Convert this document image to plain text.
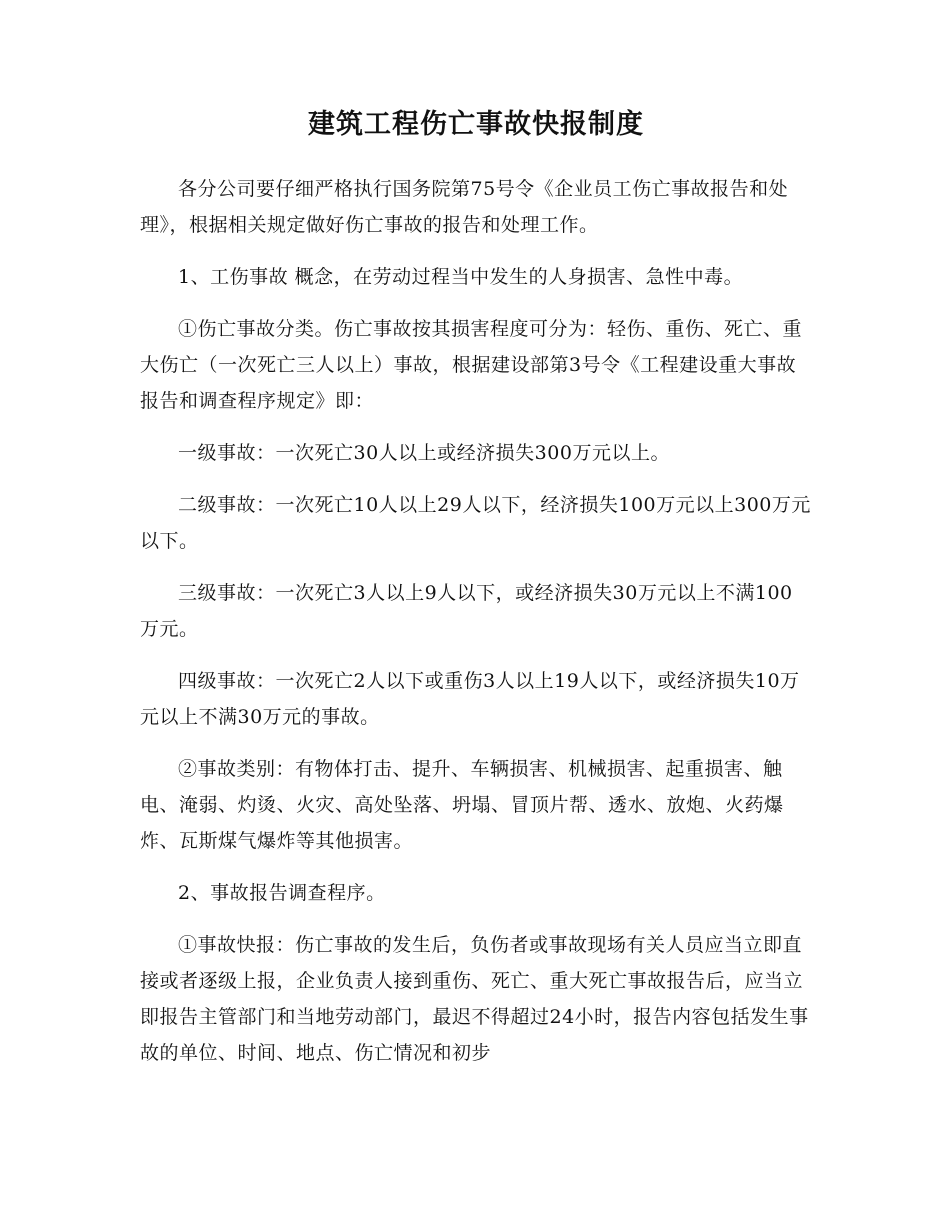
建筑工程伤亡事故快报制度

各分公司要仔细严格执行国务院第75号令《企业员工伤亡事故报告和处理》，根据相关规定做好伤亡事故的报告和处理工作。

1、工伤事故 概念，在劳动过程当中发生的人身损害、急性中毒。

①伤亡事故分类。伤亡事故按其损害程度可分为：轻伤、重伤、死亡、重大伤亡（一次死亡三人以上）事故，根据建设部第3号令《工程建设重大事故报告和调查程序规定》即：

一级事故：一次死亡30人以上或经济损失300万元以上。

二级事故：一次死亡10人以上29人以下，经济损失100万元以上300万元以下。

三级事故：一次死亡3人以上9人以下，或经济损失30万元以上不满100万元。

四级事故：一次死亡2人以下或重伤3人以上19人以下，或经济损失10万元以上不满30万元的事故。

②事故类别：有物体打击、提升、车辆损害、机械损害、起重损害、触电、淹弱、灼烫、火灾、高处坠落、坍塌、冒顶片帮、透水、放炮、火药爆炸、瓦斯煤气爆炸等其他损害。

2、事故报告调查程序。

①事故快报：伤亡事故的发生后，负伤者或事故现场有关人员应当立即直接或者逐级上报，企业负责人接到重伤、死亡、重大死亡事故报告后，应当立即报告主管部门和当地劳动部门，最迟不得超过24小时，报告内容包括发生事故的单位、时间、地点、伤亡情况和初步
